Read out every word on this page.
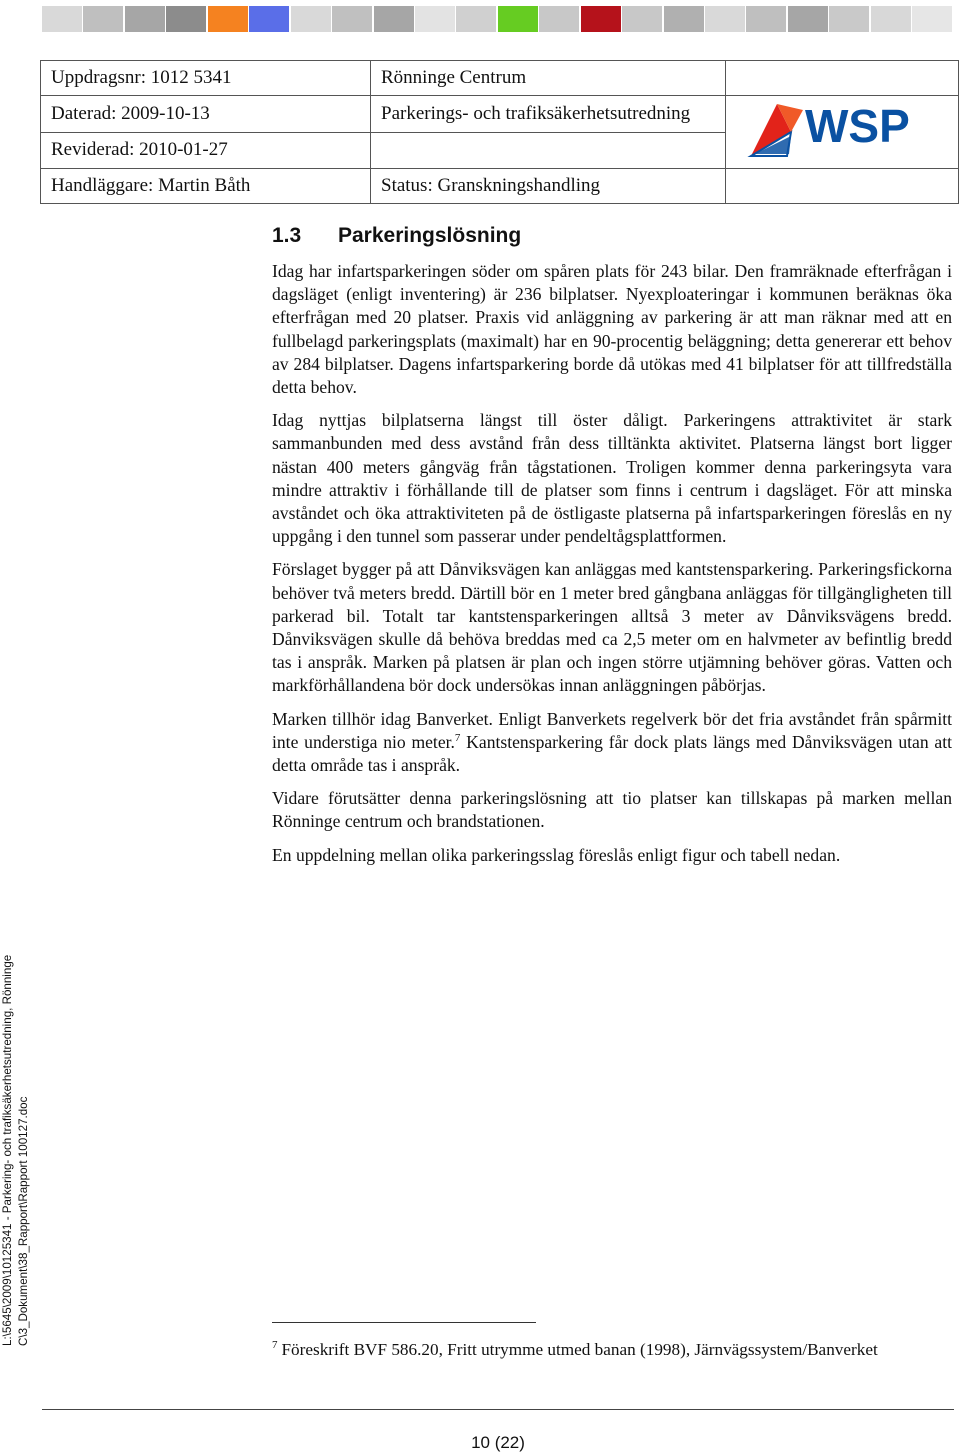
Uppdragsnr: 1012 5341	Rönninge Centrum	
Daterad: 2009-10-13	Parkerings- och trafiksäkerhetsutredning	WSP

Reviderad: 2010-01-27		
Handläggare: Martin Båth	Status: Granskningshandling	
1.3 Parkeringslösning

Idag har infartsparkeringen söder om spåren plats för 243 bilar. Den framräknade efterfrågan i dagsläget (enligt inventering) är 236 bilplatser. Nyexploateringar i kommunen beräknas öka efterfrågan med 20 platser. Praxis vid anläggning av parkering är att man räknar med att en fullbelagd parkeringsplats (maximalt) har en 90-procentig beläggning; detta genererar ett behov av 284 bilplatser. Dagens infartsparkering borde då utökas med 41 bilplatser för att tillfredställa detta behov.

Idag nyttjas bilplatserna längst till öster dåligt. Parkeringens attraktivitet är stark sammanbunden med dess avstånd från dess tilltänkta aktivitet. Platserna längst bort ligger nästan 400 meters gångväg från tågstationen. Troligen kommer denna parkeringsyta vara mindre attraktiv i förhållande till de platser som finns i centrum i dagsläget. För att minska avståndet och öka attraktiviteten på de östligaste platserna på infartsparkeringen föreslås en ny uppgång i den tunnel som passerar under pendeltågsplattformen.

Förslaget bygger på att Dånviksvägen kan anläggas med kantstensparkering. Parkeringsfickorna behöver två meters bredd. Därtill bör en 1 meter bred gångbana anläggas för tillgängligheten till parkerad bil. Totalt tar kantstensparkeringen alltså 3 meter av Dånviksvägens bredd. Dånviksvägen skulle då behöva breddas med ca 2,5 meter om en halvmeter av befintlig bredd tas i anspråk. Marken på platsen är plan och ingen större utjämning behöver göras. Vatten och markförhållandena bör dock undersökas innan anläggningen påbörjas.

Marken tillhör idag Banverket. Enligt Banverkets regelverk bör det fria avståndet från spårmitt inte understiga nio meter.$^7$ Kantstensparkering får dock plats längs med Dånviksvägen utan att detta område tas i anspråk.

Vidare förutsätter denna parkeringslösning att tio platser kan tillskapas på marken mellan Rönninge centrum och brandstationen.

En uppdelning mellan olika parkeringsslag föreslås enligt figur och tabell nedan.

L:\5645\2009\10125341 - Parkering- och trafiksäkerhetsutredning, Rönninge C\3_Dokument\38_Rapport\Rapport 100127.doc	$^7$ Föreskrift BVF 586.20, Fritt utrymme utmed banan (1998), Järnvägssystem/Banverket
10 (22)
